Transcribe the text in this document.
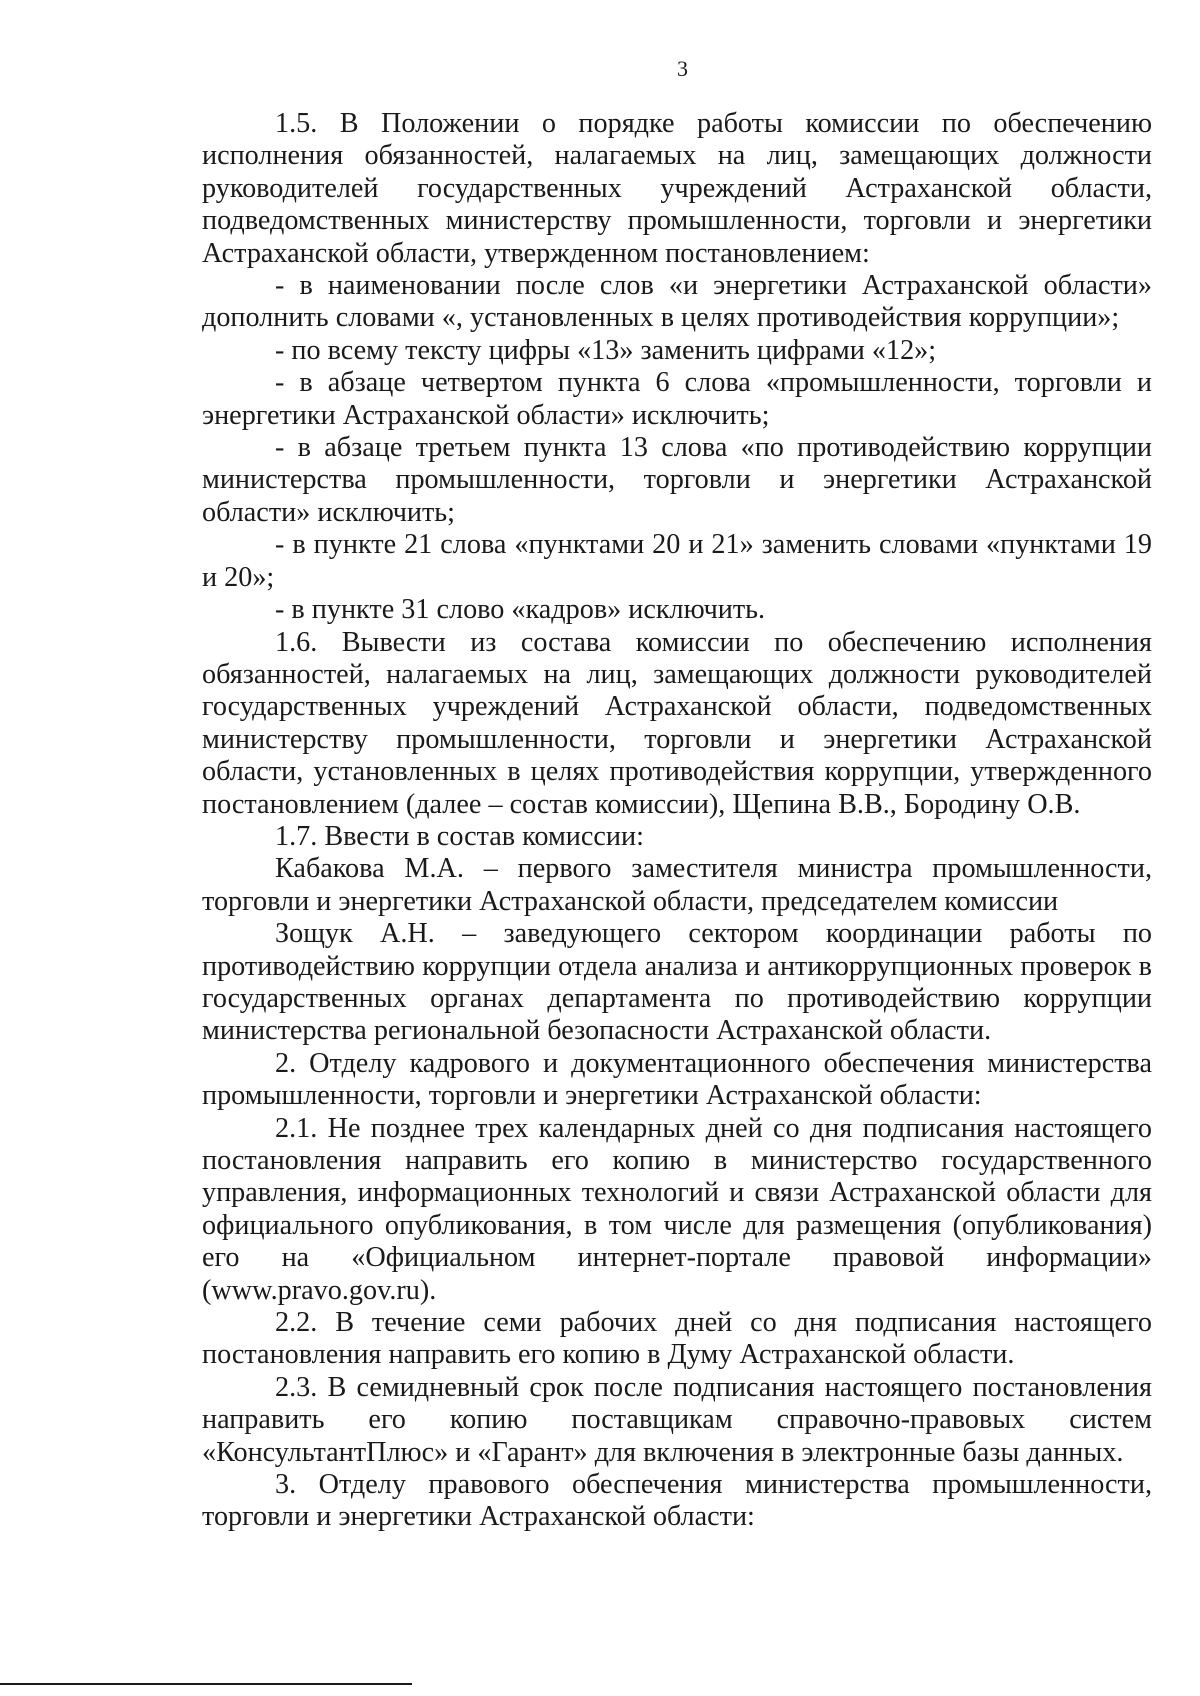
3

1.5. В Положении о порядке работы комиссии по обеспечению исполнения обязанностей, налагаемых на лиц, замещающих должности руководителей государственных учреждений Астраханской области, подведомственных министерству промышленности, торговли и энергетики Астраханской области, утвержденном постановлением:

- в наименовании после слов «и энергетики Астраханской области» дополнить словами «, установленных в целях противодействия коррупции»;

- по всему тексту цифры «13» заменить цифрами «12»;

- в абзаце четвертом пункта 6 слова «промышленности, торговли и энергетики Астраханской области» исключить;

- в абзаце третьем пункта 13 слова «по противодействию коррупции министерства промышленности, торговли и энергетики Астраханской области» исключить;

- в пункте 21 слова «пунктами 20 и 21» заменить словами «пунктами 19 и 20»;

- в пункте 31 слово «кадров» исключить.

1.6. Вывести из состава комиссии по обеспечению исполнения обязанностей, налагаемых на лиц, замещающих должности руководителей государственных учреждений Астраханской области, подведомственных министерству промышленности, торговли и энергетики Астраханской области, установленных в целях противодействия коррупции, утвержденного постановлением (далее – состав комиссии), Щепина В.В., Бородину О.В.

1.7. Ввести в состав комиссии:

Кабакова М.А. – первого заместителя министра промышленности, торговли и энергетики Астраханской области, председателем комиссии

Зощук А.Н. – заведующего сектором координации работы по противодействию коррупции отдела анализа и антикоррупционных проверок в государственных органах департамента по противодействию коррупции министерства региональной безопасности Астраханской области.

2. Отделу кадрового и документационного обеспечения министерства промышленности, торговли и энергетики Астраханской области:

2.1. Не позднее трех календарных дней со дня подписания настоящего постановления направить его копию в министерство государственного управления, информационных технологий и связи Астраханской области для официального опубликования, в том числе для размещения (опубликования) его на «Официальном интернет-портале правовой информации» (www.pravo.gov.ru).

2.2. В течение семи рабочих дней со дня подписания настоящего постановления направить его копию в Думу Астраханской области.

2.3. В семидневный срок после подписания настоящего постановления направить его копию поставщикам справочно-правовых систем «КонсультантПлюс» и «Гарант» для включения в электронные базы данных.

3. Отделу правового обеспечения министерства промышленности, торговли и энергетики Астраханской области:
